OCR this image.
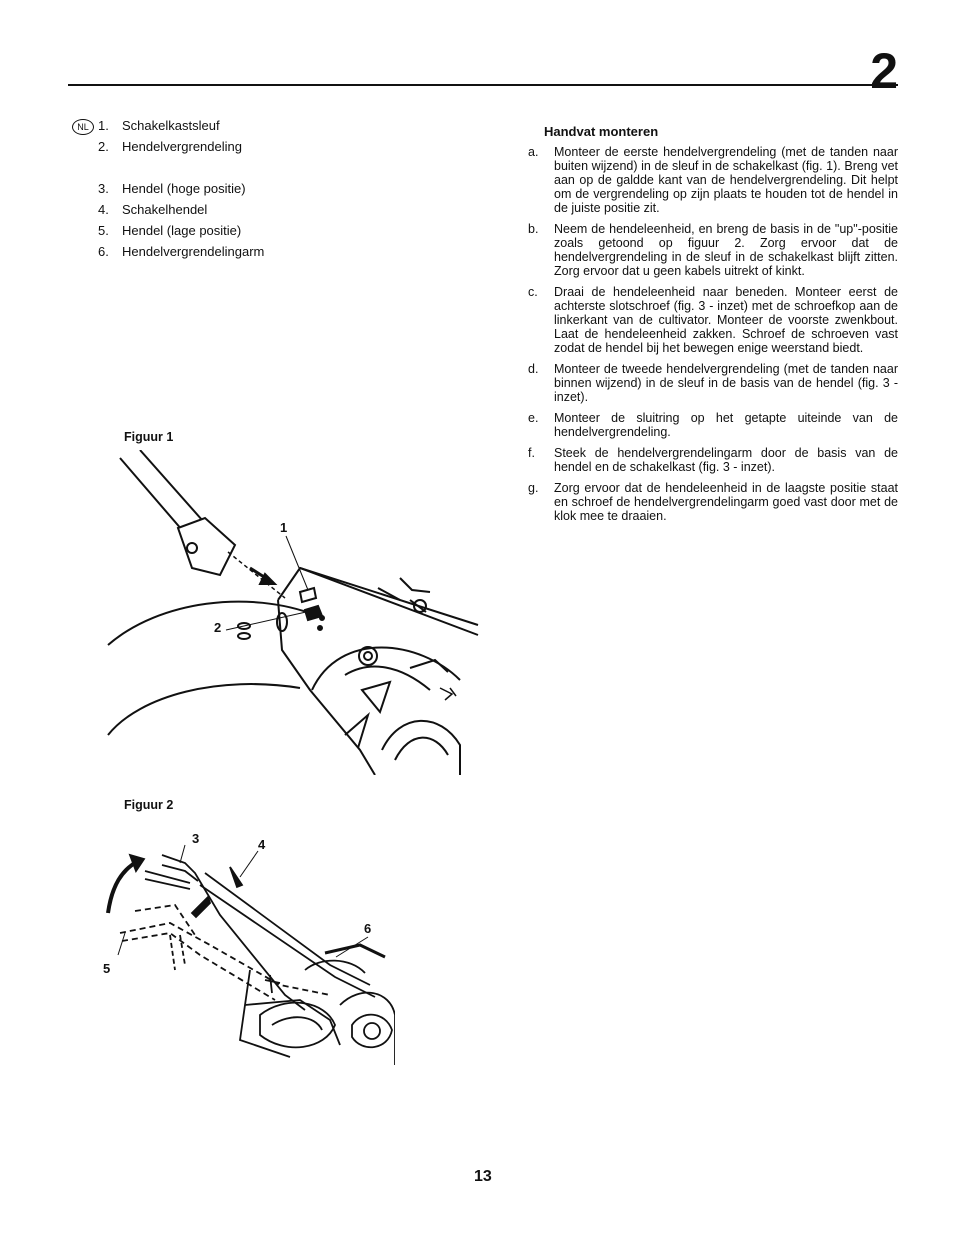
2
NL 1.	Schakelkastsleuf
2.	Hendelvergrendeling
3.	Hendel (hoge positie)
4.	Schakelhendel
5.	Hendel (lage positie)
6.	Hendelvergrendelingarm
Handvat monteren
a.	Monteer de eerste hendelvergrendeling (met de tanden naar buiten wijzend) in de sleuf in de schakelkast (fig. 1). Breng vet aan op de galdde kant van de hendelvergrendeling. Dit helpt om de vergrendeling op zijn plaats te houden tot de hendel in de juiste positie zit.
b.	Neem de hendeleenheid, en breng de basis in de "up"-positie zoals getoond op figuur 2. Zorg ervoor dat de hendelvergrendeling in de sleuf in de schakelkast blijft zitten. Zorg ervoor dat u geen kabels uitrekt of kinkt.
c.	Draai de hendeleenheid naar beneden. Monteer eerst de achterste slotschroef (fig. 3 - inzet) met de schroefkop aan de linkerkant van de cultivator. Monteer de voorste zwenkbout. Laat de hendeleenheid zakken. Schroef de schroeven vast zodat de hendel bij het bewegen enige weerstand biedt.
d.	Monteer de tweede hendelvergrendeling (met de tanden naar binnen wijzend) in de sleuf in de basis van de hendel (fig. 3 - inzet).
e.	Monteer de sluitring op het getapte uiteinde van de hendelvergrendeling.
f.	Steek de hendelvergrendelingarm door de basis van de hendel en de schakelkast (fig. 3 - inzet).
g.	Zorg ervoor dat de hendeleenheid in de laagste positie staat en schroef de hendelvergrendelingarm goed vast door met de klok mee te draaien.
Figuur 1
1
2
Figuur 2
3	4
5
6
13
